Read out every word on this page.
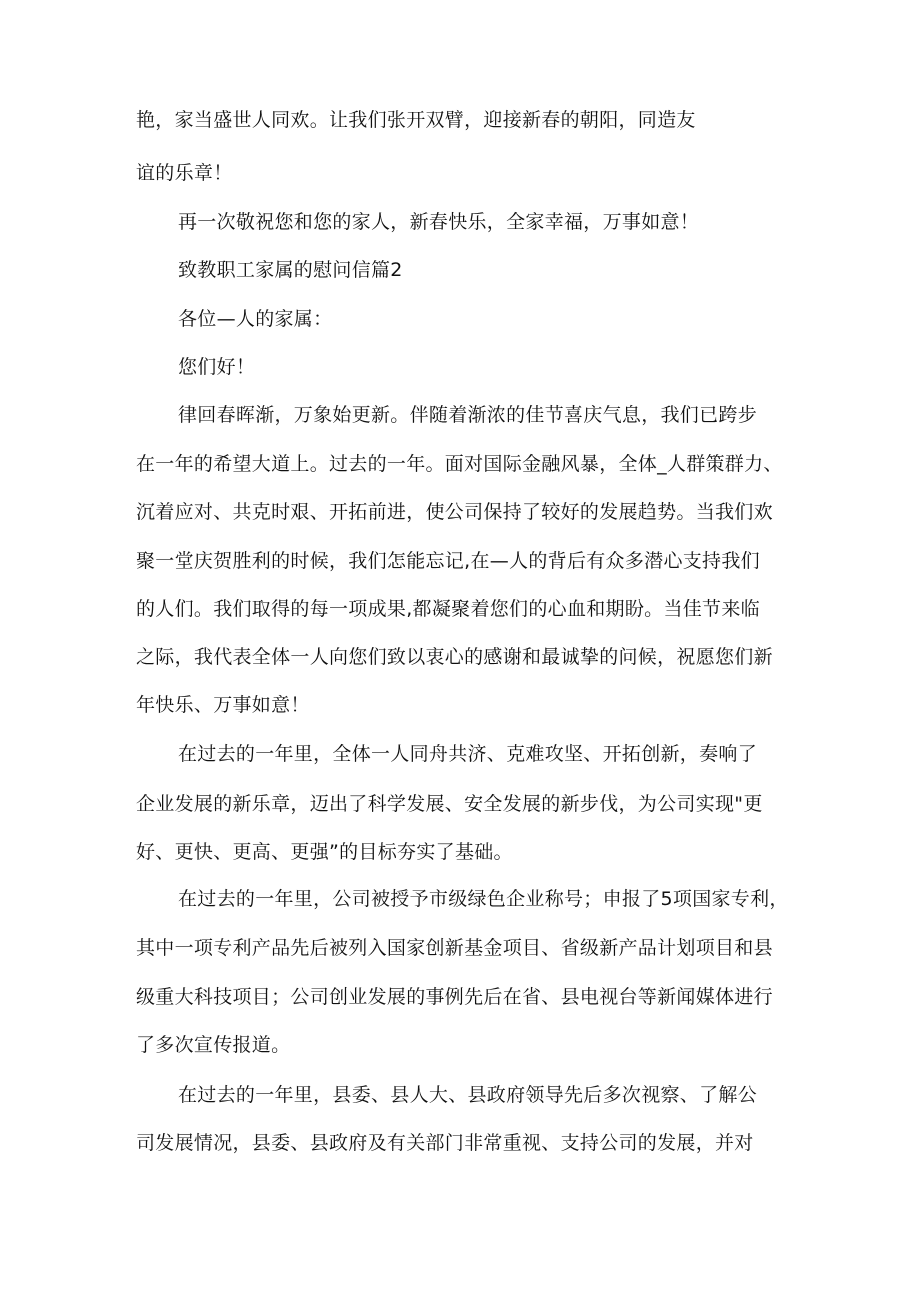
艳，家当盛世人同欢。让我们张开双臂，迎接新春的朝阳，同造友
谊的乐章！
再一次敬祝您和您的家人，新春快乐，全家幸福，万事如意！
致教职工家属的慰问信篇2
各位—人的家属：
您们好！
律回春晖渐，万象始更新。伴随着渐浓的佳节喜庆气息，我们已跨步
在一年的希望大道上。过去的一年。面对国际金融风暴，全体_人群策群力、
沉着应对、共克时艰、开拓前进，使公司保持了较好的发展趋势。当我们欢
聚一堂庆贺胜利的时候，我们怎能忘记,在—人的背后有众多潜心支持我们
的人们。我们取得的每一项成果,都凝聚着您们的心血和期盼。当佳节来临
之际，我代表全体一人向您们致以衷心的感谢和最诚挚的问候，祝愿您们新
年快乐、万事如意！
在过去的一年里，全体一人同舟共济、克难攻坚、开拓创新，奏响了
企业发展的新乐章，迈出了科学发展、安全发展的新步伐，为公司实现"更
好、更快、更高、更强”的目标夯实了基础。
在过去的一年里，公司被授予市级绿色企业称号；申报了5项国家专利，
其中一项专利产品先后被列入国家创新基金项目、省级新产品计划项目和县
级重大科技项目；公司创业发展的事例先后在省、县电视台等新闻媒体进行
了多次宣传报道。
在过去的一年里，县委、县人大、县政府领导先后多次视察、了解公
司发展情况，县委、县政府及有关部门非常重视、支持公司的发展，并对
